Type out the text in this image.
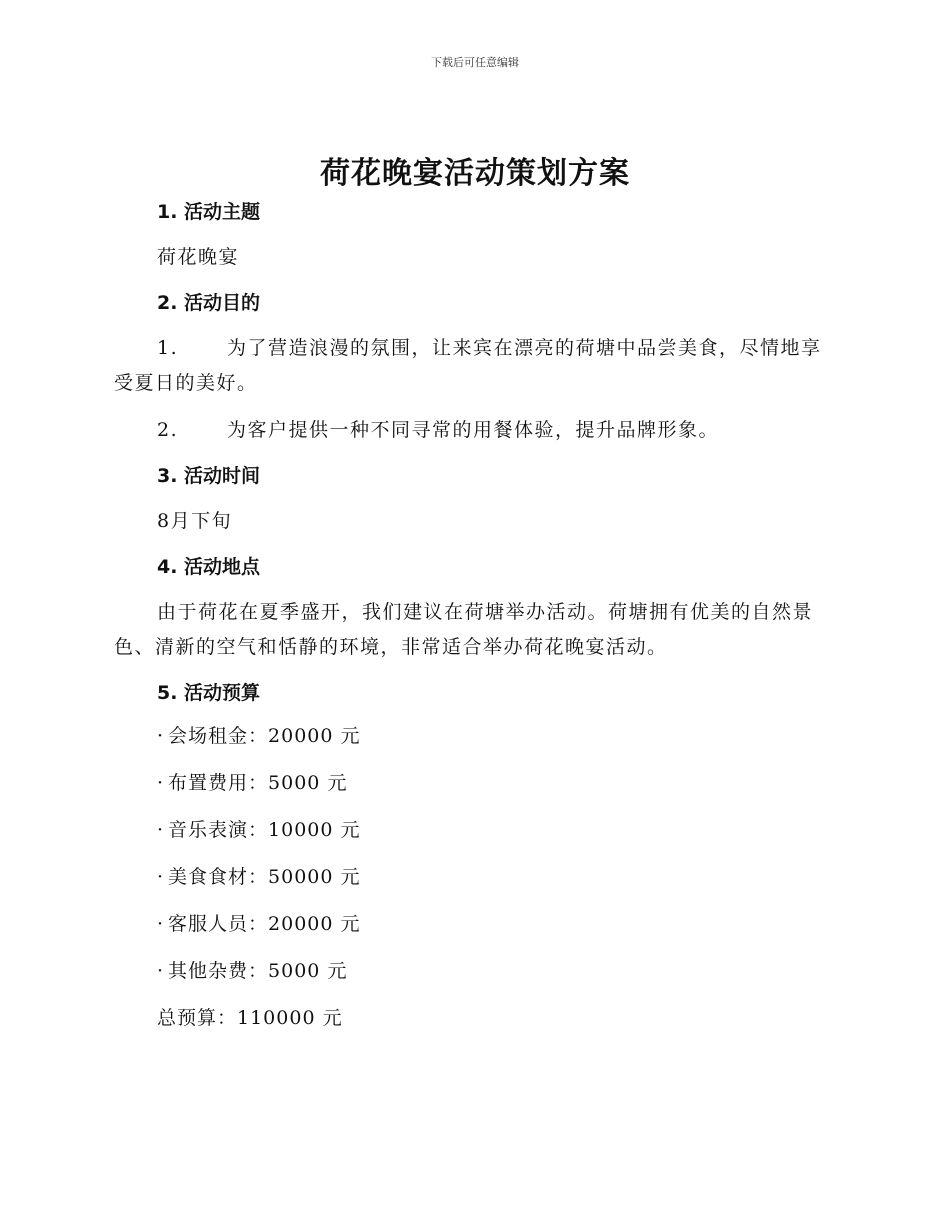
下载后可任意编辑
荷花晚宴活动策划方案
1. 活动主题

荷花晚宴

2. 活动目的

1.	为了营造浪漫的氛围，让来宾在漂亮的荷塘中品尝美食，尽情地享受夏日的美好。

2.	为客户提供一种不同寻常的用餐体验，提升品牌形象。

3. 活动时间

8月下旬

4. 活动地点

由于荷花在夏季盛开，我们建议在荷塘举办活动。荷塘拥有优美的自然景色、清新的空气和恬静的环境，非常适合举办荷花晚宴活动。

5. 活动预算

· 会场租金：20000 元

· 布置费用：5000 元

· 音乐表演：10000 元

· 美食食材：50000 元

· 客服人员：20000 元

· 其他杂费：5000 元

总预算：110000 元
